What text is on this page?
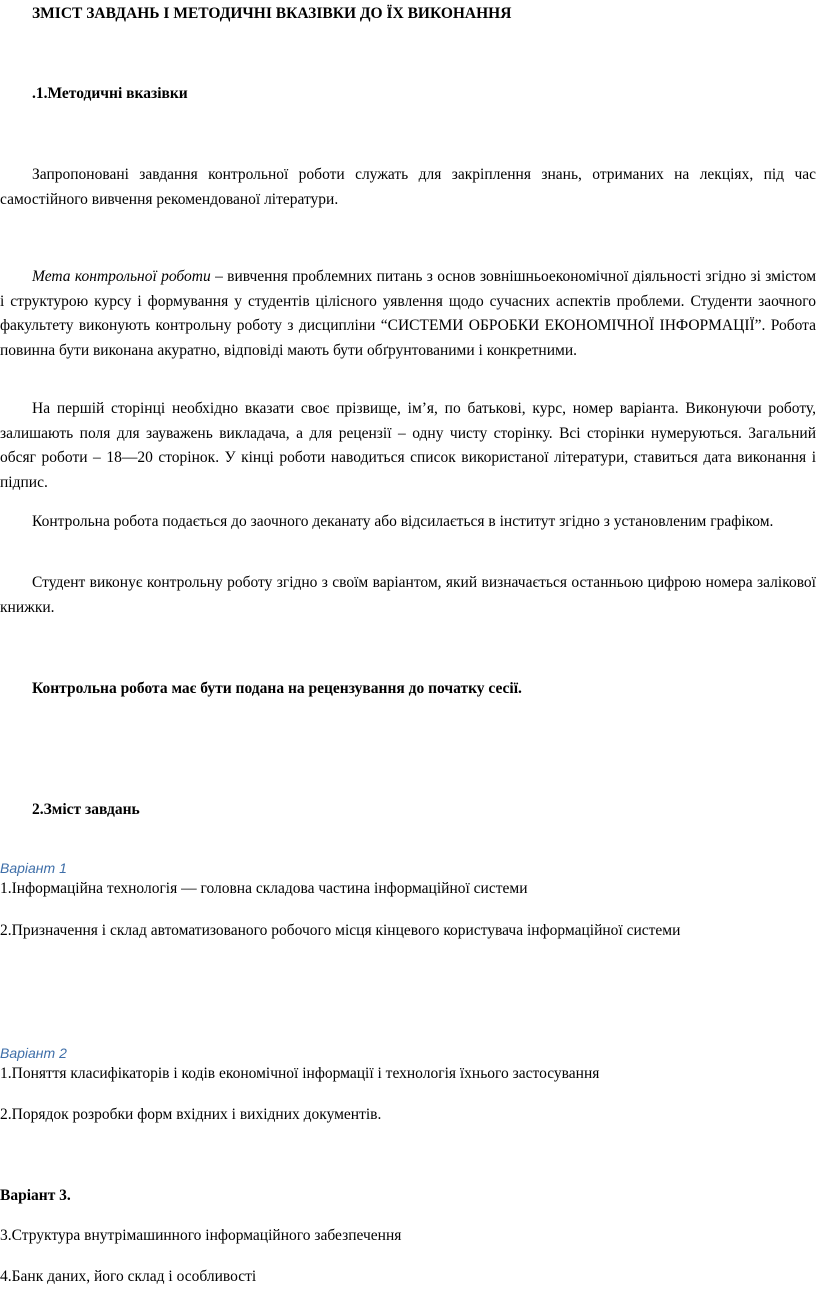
ЗМІСТ ЗАВДАНЬ І МЕТОДИЧНІ ВКАЗІВКИ ДО ЇХ ВИКОНАННЯ
.1.Методичні вказівки
Запропоновані завдання контрольної роботи служать для закріплення знань, отриманих на лекціях, під час самостійного вивчення рекомендованої літератури.
Мета контрольної роботи – вивчення проблемних питань з основ зовнішньоекономічної діяльності згідно зі змістом і структурою курсу і формування у студентів цілісного уявлення щодо сучасних аспектів проблеми. Студенти заочного факультету виконують контрольну роботу з дисципліни “СИСТЕМИ ОБРОБКИ ЕКОНОМІЧНОЇ ІНФОРМАЦІЇ”. Робота повинна бути виконана акуратно, відповіді мають бути обґрунтованими і конкретними.
На першій сторінці необхідно вказати своє прізвище, ім’я, по батькові, курс, номер варіанта. Виконуючи роботу, залишають поля для зауважень викладача, а для рецензії – одну чисту сторінку. Всі сторінки нумеруються. Загальний обсяг роботи – 18—20 сторінок. У кінці роботи наводиться список використаної літератури, ставиться дата виконання і підпис.
Контрольна робота подається до заочного деканату або відсилається в інститут згідно з установленим графіком.
Студент виконує контрольну роботу згідно з своїм варіантом, який визначається останньою цифрою номера залікової книжки.
Контрольна робота має бути подана на рецензування до початку сесії.
2.Зміст завдань
Варіант 1
1.Інформаційна технологія — головна складова частина інформаційної системи
2.Призначення і склад автоматизованого робочого місця кінцевого користувача інформаційної системи
Варіант 2
1.Поняття класифікаторів і кодів економічної інформації і технологія їхнього застосування
2.Порядок розробки форм вхідних і вихідних документів.
Варіант 3.
3.Структура внутрімашинного інформаційного забезпечення
4.Банк даних, його склад і особливості
